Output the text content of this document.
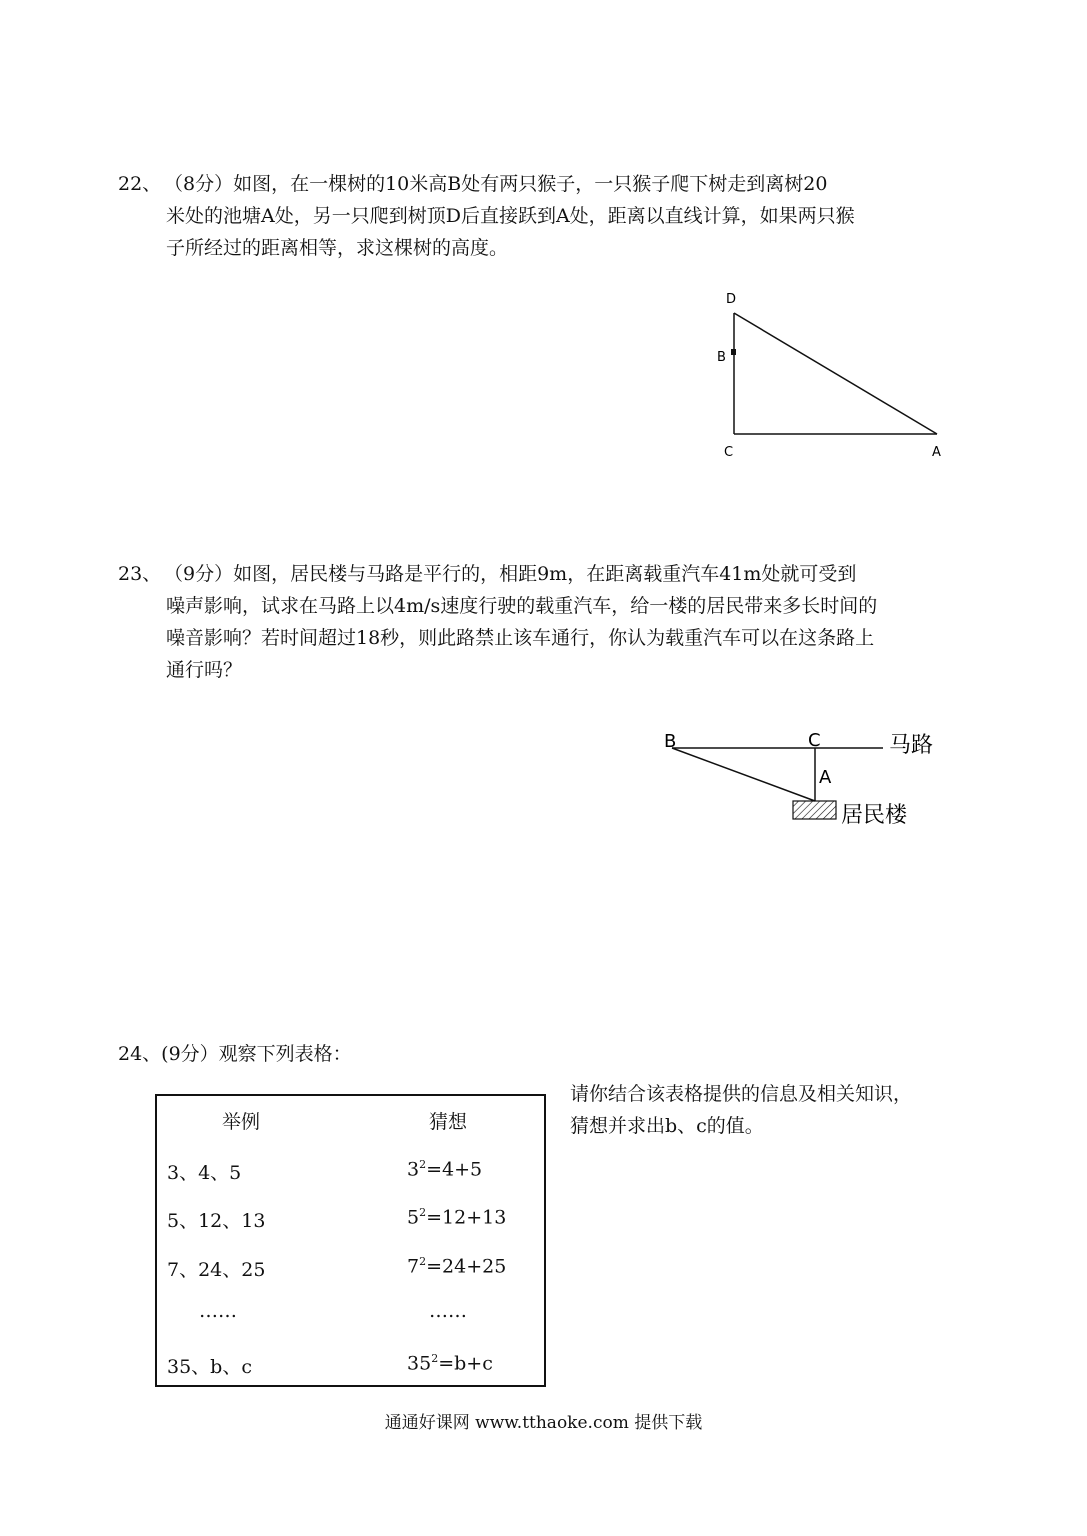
22、 （8分）如图，在一棵树的10米高B处有两只猴子，一只猴子爬下树走到离树20
米处的池塘A处，另一只爬到树顶D后直接跃到A处，距离以直线计算，如果两只猴
子所经过的距离相等，求这棵树的高度。
D
B
C	A
23、 （9分）如图，居民楼与马路是平行的，相距9m，在距离载重汽车41m处就可受到
噪声影响，试求在马路上以4m/s速度行驶的载重汽车，给一楼的居民带来多长时间的
噪音影响？若时间超过18秒，则此路禁止该车通行，你认为载重汽车可以在这条路上
通行吗？
B	C
A
马路
居民楼
24、(9分）观察下列表格：
举例	猜想
3、4、5	$3^2=4+5$
5、12、13	$5^2=12+13$
7、24、25	$7^2=24+25$
……	……
35、b、c	$35^2=b+c$
请你结合该表格提供的信息及相关知识，
猜想并求出b、c的值。
通通好课网 www.tthaoke.com 提供下载
